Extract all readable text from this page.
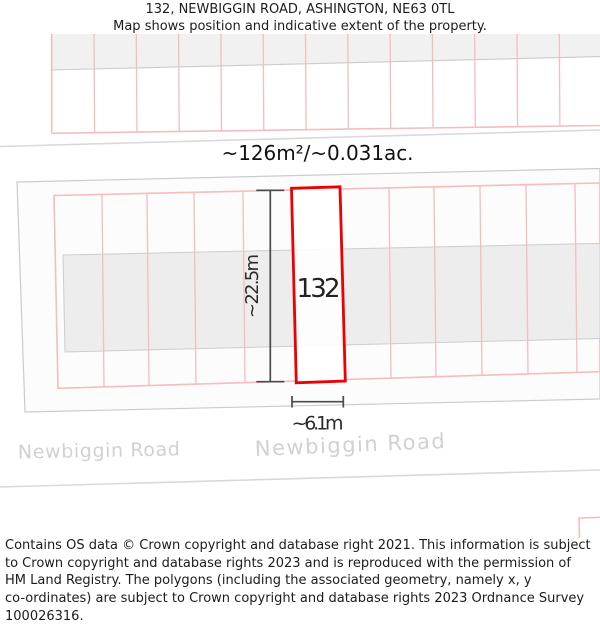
132
~22.5m
~6.1m
~126m²/~0.031ac.
Newbiggin Road	Newbiggin Road
132, NEWBIGGIN ROAD, ASHINGTON, NE63 0TL
Map shows position and indicative extent of the property.
Contains OS data © Crown copyright and database right 2021. This information is subject
to Crown copyright and database rights 2023 and is reproduced with the permission of
HM Land Registry. The polygons (including the associated geometry, namely x, y
co-ordinates) are subject to Crown copyright and database rights 2023 Ordnance Survey
100026316.
